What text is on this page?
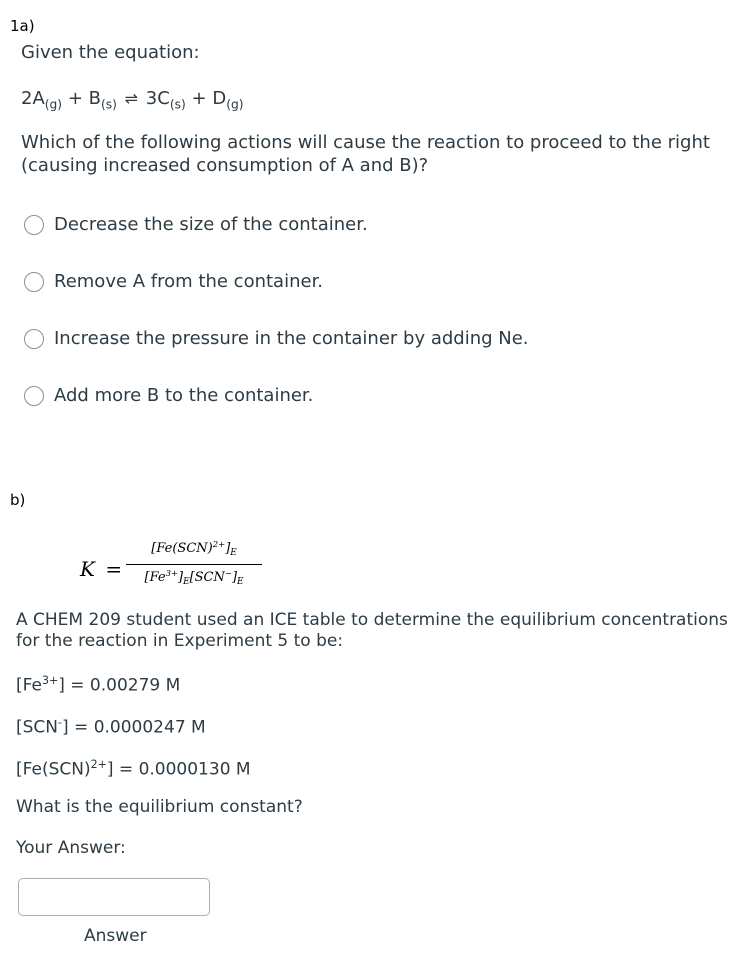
1a)
Given the equation:
$2A_{(g)} + B_{(s)}$ ⇌ $3C_{(s)} + D_{(g)}$
Which of the following actions will cause the reaction to proceed to the right
(causing increased consumption of A and B)?
Decrease the size of the container.
Remove A from the container.
Increase the pressure in the container by adding Ne.
Add more B to the container.
b)
K =
$[Fe(SCN)^{2+}]_E$
$[Fe^{3+}]_E[SCN^-]_E$
A CHEM 209 student used an ICE table to determine the equilibrium concentrations
for the reaction in Experiment 5 to be:
$[Fe^{3+}] = 0.00279$ M
[SCN-] = 0.0000247 M
[Fe(SCN)$^{2+}$] = 0.0000130 M
What is the equilibrium constant?
Your Answer:
Answer
